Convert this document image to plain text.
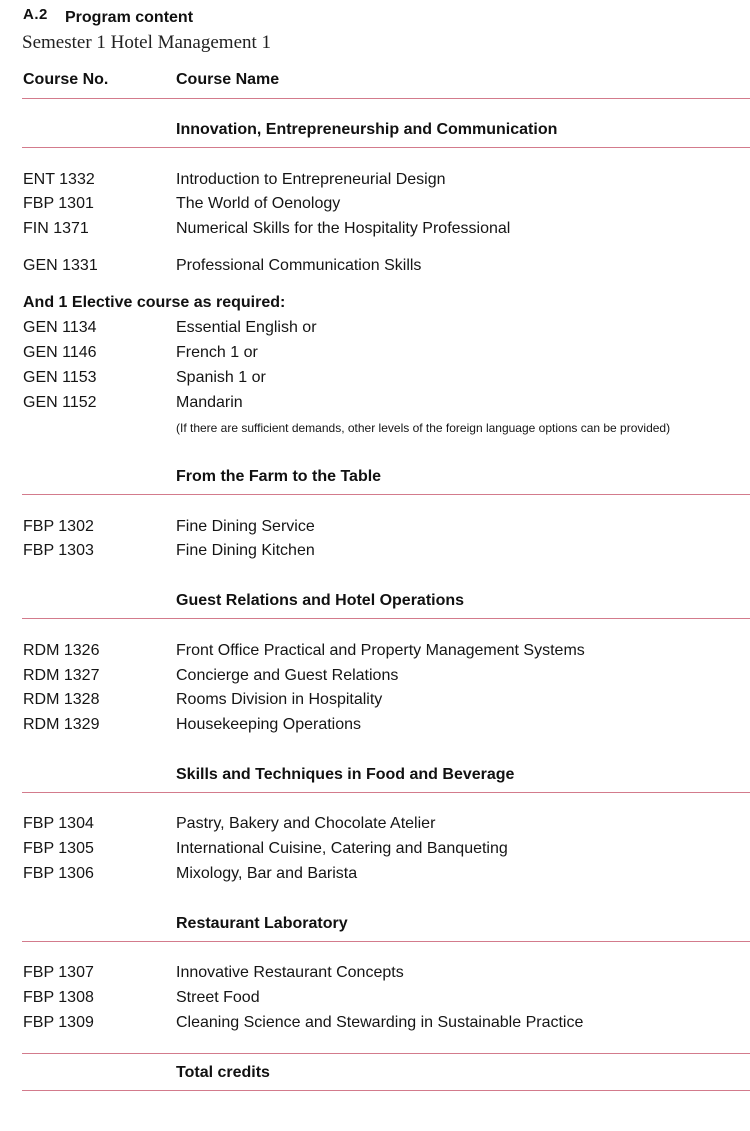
A.2 Program content
Semester 1 Hotel Management 1
Course No.	Course Name
Innovation, Entrepreneurship and Communication
ENT 1332	Introduction to Entrepreneurial Design
FBP 1301	The World of Oenology
FIN 1371	Numerical Skills for the Hospitality Professional
GEN 1331	Professional Communication Skills
And 1 Elective course as required:
GEN 1134	Essential English or
GEN 1146	French 1 or
GEN 1153	Spanish 1 or
GEN 1152	Mandarin
(If there are sufficient demands, other levels of the foreign language options can be provided)
From the Farm to the Table
FBP 1302	Fine Dining Service
FBP 1303	Fine Dining Kitchen
Guest Relations and Hotel Operations
RDM 1326	Front Office Practical and Property Management Systems
RDM 1327	Concierge and Guest Relations
RDM 1328	Rooms Division in Hospitality
RDM 1329	Housekeeping Operations
Skills and Techniques in Food and Beverage
FBP 1304	Pastry, Bakery and Chocolate Atelier
FBP 1305	International Cuisine, Catering and Banqueting
FBP 1306	Mixology, Bar and Barista
Restaurant Laboratory
FBP 1307	Innovative Restaurant Concepts
FBP 1308	Street Food
FBP 1309	Cleaning Science and Stewarding in Sustainable Practice
Total credits
